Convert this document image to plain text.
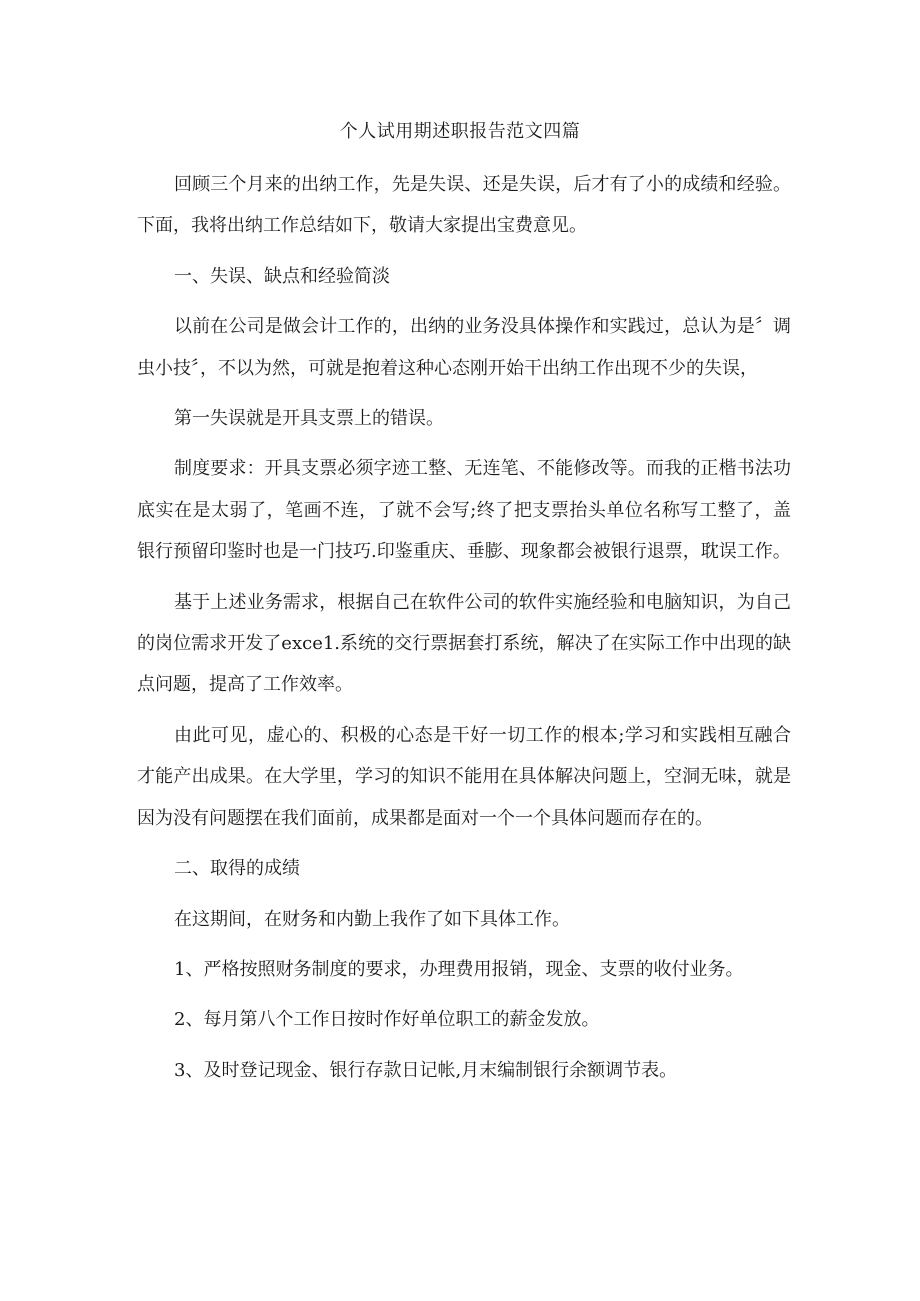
个人试用期述职报告范文四篇

回顾三个月来的出纳工作，先是失误、还是失误，后才有了小的成绩和经验。下面，我将出纳工作总结如下，敬请大家提出宝费意见。

一、失误、缺点和经验简淡

以前在公司是做会计工作的，出纳的业务没具体操作和实践过，总认为是〞调虫小技〞，不以为然，可就是抱着这种心态刚开始干出纳工作出现不少的失误，

第一失误就是开具支票上的错误。

制度要求：开具支票必须字迹工整、无连笔、不能修改等。而我的正楷书法功底实在是太弱了，笔画不连，了就不会写;终了把支票抬头单位名称写工整了，盖银行预留印鉴时也是一门技巧.印鉴重庆、垂膨、现象都会被银行退票，耽误工作。

基于上述业务需求，根据自己在软件公司的软件实施经验和电脑知识，为自己的岗位需求开发了exce1.系统的交行票据套打系统，解决了在实际工作中出现的缺点问题，提高了工作效率。

由此可见，虚心的、积极的心态是干好一切工作的根本;学习和实践相互融合才能产出成果。在大学里，学习的知识不能用在具体解决问题上，空洞无味，就是因为没有问题摆在我们面前，成果都是面对一个一个具体问题而存在的。

二、取得的成绩

在这期间，在财务和内勤上我作了如下具体工作。

1、严格按照财务制度的要求，办理费用报销，现金、支票的收付业务。

2、每月第八个工作日按时作好单位职工的薪金发放。

3、及时登记现金、银行存款日记帐,月末编制银行余额调节表。
